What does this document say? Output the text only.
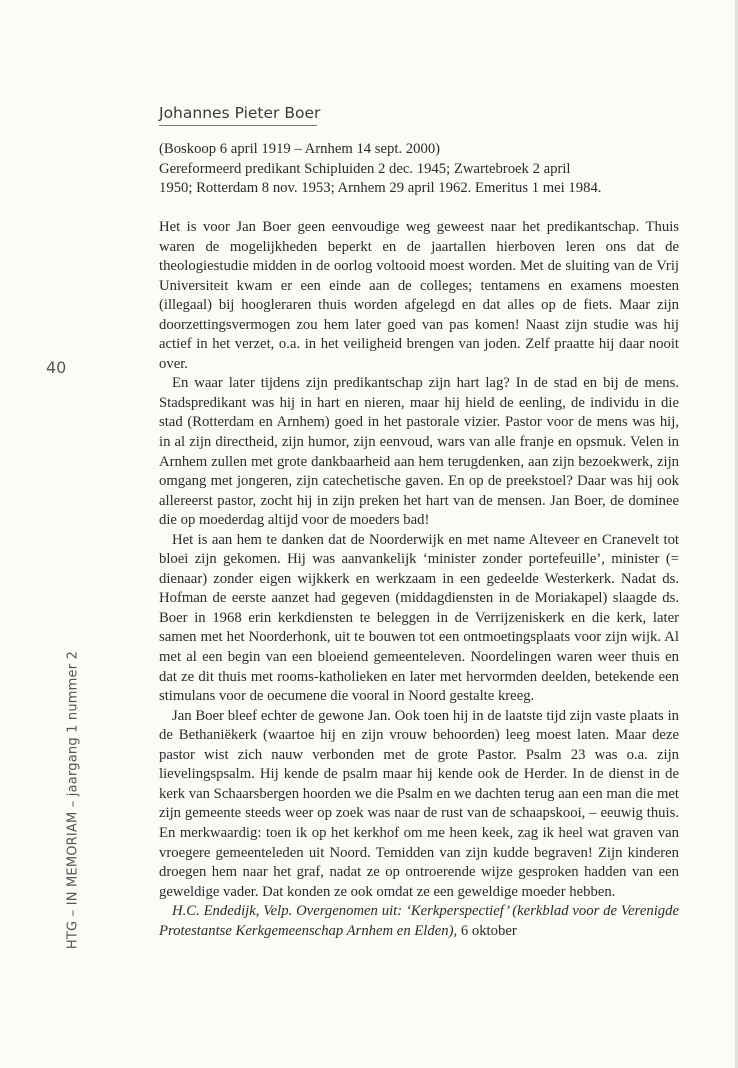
Johannes Pieter Boer

(Boskoop 6 april 1919 – Arnhem 14 sept. 2000)
Gereformeerd predikant Schipluiden 2 dec. 1945; Zwartebroek 2 april
1950; Rotterdam 8 nov. 1953; Arnhem 29 april 1962. Emeritus 1 mei 1984.

Het is voor Jan Boer geen eenvoudige weg geweest naar het predikantschap. Thuis waren de mogelijkheden beperkt en de jaartallen hierboven leren ons dat de theologiestudie midden in de oorlog voltooid moest worden. Met de sluiting van de Vrij Universiteit kwam er een einde aan de colleges; tentamens en examens moesten (illegaal) bij hoogleraren thuis worden afgelegd en dat alles op de fiets. Maar zijn doorzettingsvermogen zou hem later goed van pas komen! Naast zijn studie was hij actief in het verzet, o.a. in het veiligheid brengen van joden. Zelf praatte hij daar nooit over.

En waar later tijdens zijn predikantschap zijn hart lag? In de stad en bij de mens. Stadspredikant was hij in hart en nieren, maar hij hield de eenling, de individu in die stad (Rotterdam en Arnhem) goed in het pastorale vizier. Pastor voor de mens was hij, in al zijn directheid, zijn humor, zijn eenvoud, wars van alle franje en opsmuk. Velen in Arnhem zullen met grote dankbaarheid aan hem terugdenken, aan zijn bezoekwerk, zijn omgang met jongeren, zijn catechetische gaven. En op de preekstoel? Daar was hij ook allereerst pastor, zocht hij in zijn preken het hart van de mensen. Jan Boer, de dominee die op moederdag altijd voor de moeders bad!

Het is aan hem te danken dat de Noorderwijk en met name Alteveer en Cranevelt tot bloei zijn gekomen. Hij was aanvankelijk ‘minister zonder portefeuille’, minister (= dienaar) zonder eigen wijkkerk en werkzaam in een gedeelde Westerkerk. Nadat ds. Hofman de eerste aanzet had gegeven (middagdiensten in de Moriakapel) slaagde ds. Boer in 1968 erin kerkdiensten te beleggen in de Verrijzeniskerk en die kerk, later samen met het Noorderhonk, uit te bouwen tot een ontmoetingsplaats voor zijn wijk. Al met al een begin van een bloeiend gemeenteleven. Noordelingen waren weer thuis en dat ze dit thuis met rooms-katholieken en later met hervormden deelden, betekende een stimulans voor de oecumene die vooral in Noord gestalte kreeg.

Jan Boer bleef echter de gewone Jan. Ook toen hij in de laatste tijd zijn vaste plaats in de Bethaniëkerk (waartoe hij en zijn vrouw behoorden) leeg moest laten. Maar deze pastor wist zich nauw verbonden met de grote Pastor. Psalm 23 was o.a. zijn lievelingspsalm. Hij kende de psalm maar hij kende ook de Herder. In de dienst in de kerk van Schaarsbergen hoorden we die Psalm en we dachten terug aan een man die met zijn gemeente steeds weer op zoek was naar de rust van de schaapskooi, – eeuwig thuis. En merkwaardig: toen ik op het kerkhof om me heen keek, zag ik heel wat graven van vroegere gemeenteleden uit Noord. Temidden van zijn kudde begraven! Zijn kinderen droegen hem naar het graf, nadat ze op ontroerende wijze gesproken hadden van een geweldige vader. Dat konden ze ook omdat ze een geweldige moeder hebben.

H.C. Endedijk, Velp. Overgenomen uit: ‘Kerkperspectief’ (kerkblad voor de Verenigde Protestantse Kerkgemeenschap Arnhem en Elden), 6 oktober

40
HTG – IN MEMORIAM – jaargang 1 nummer 2
